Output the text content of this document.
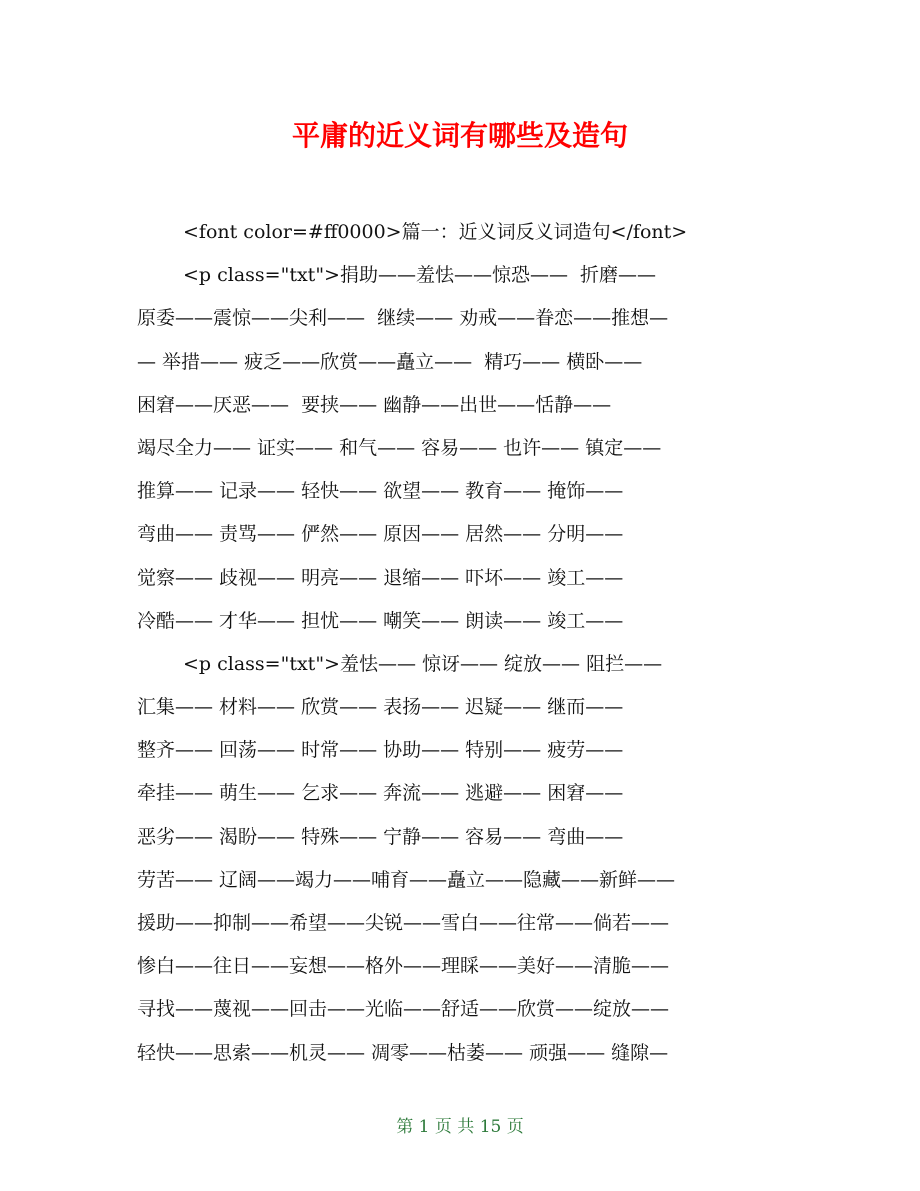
平庸的近义词有哪些及造句
<font color=#ff0000>篇一：近义词反义词造句</font>
<p class="txt">捐助——羞怯——惊恐——  折磨——
原委——震惊——尖利——  继续—— 劝戒——眷恋——推想—
— 举措—— 疲乏——欣赏——矗立——  精巧—— 横卧——
困窘——厌恶——  要挟—— 幽静——出世——恬静——
竭尽全力—— 证实—— 和气—— 容易—— 也许—— 镇定——
推算—— 记录—— 轻快—— 欲望—— 教育—— 掩饰——
弯曲—— 责骂—— 俨然—— 原因—— 居然—— 分明——
觉察—— 歧视—— 明亮—— 退缩—— 吓坏—— 竣工——
冷酷—— 才华—— 担忧—— 嘲笑—— 朗读—— 竣工——
<p class="txt">羞怯—— 惊讶—— 绽放—— 阻拦——
汇集—— 材料—— 欣赏—— 表扬—— 迟疑—— 继而——
整齐—— 回荡—— 时常—— 协助—— 特别—— 疲劳——
牵挂—— 萌生—— 乞求—— 奔流—— 逃避—— 困窘——
恶劣—— 渴盼—— 特殊—— 宁静—— 容易—— 弯曲——
劳苦—— 辽阔——竭力——哺育——矗立——隐藏——新鲜——
援助——抑制——希望——尖锐——雪白——往常——倘若——
惨白——往日——妄想——格外——理睬——美好——清脆——
寻找——蔑视——回击——光临——舒适——欣赏——绽放——
轻快——思索——机灵—— 凋零——枯萎—— 顽强—— 缝隙—
第 1 页 共 15 页
